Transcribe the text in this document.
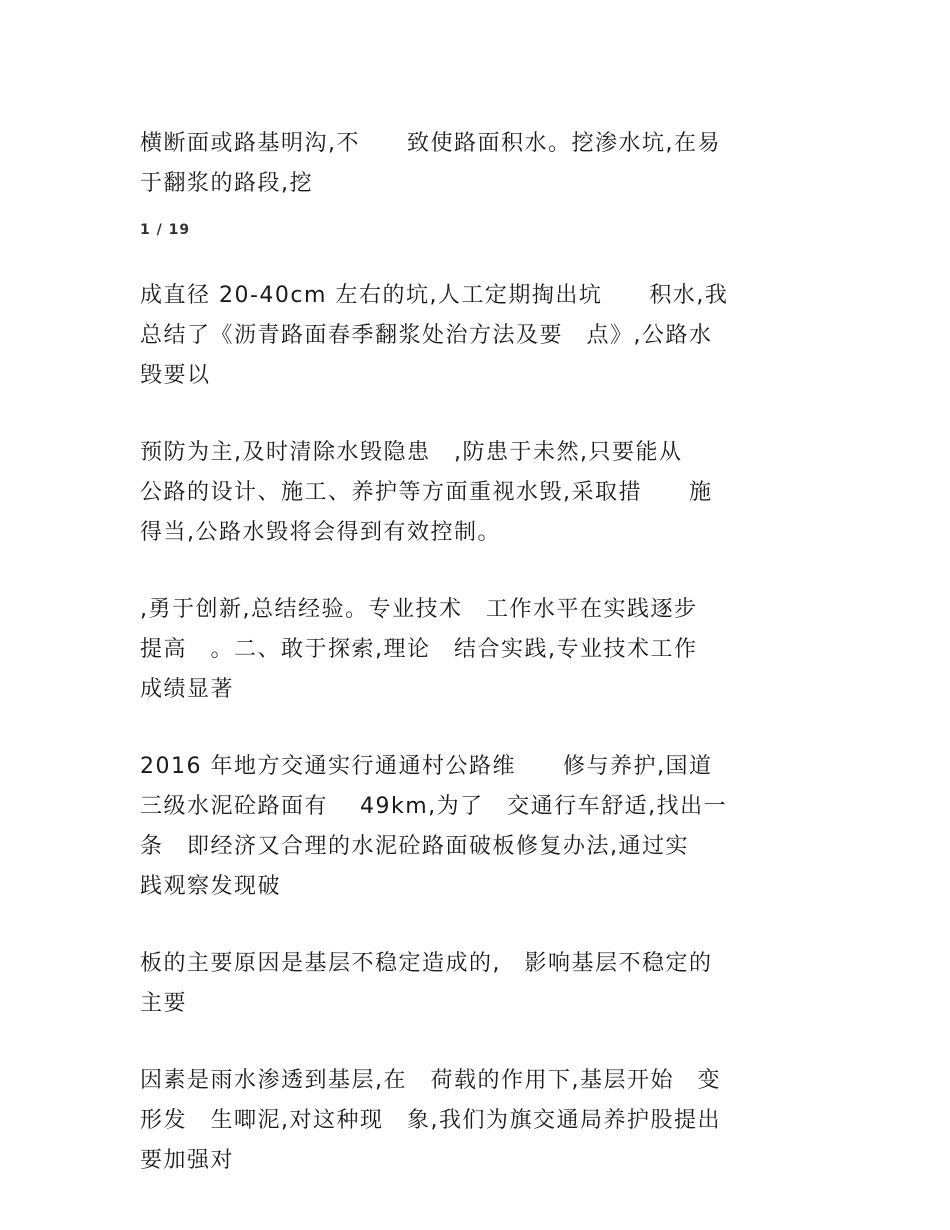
横断面或路基明沟,不　　致使路面积水。挖渗水坑,在易
于翻浆的路段,挖

1 / 19

成直径 20-40cm 左右的坑,人工定期掏出坑　　积水,我
总结了《沥青路面春季翻浆处治方法及要　点》,公路水
毁要以

预防为主,及时清除水毁隐患　,防患于未然,只要能从
公路的设计、施工、养护等方面重视水毁,采取措　　施
得当,公路水毁将会得到有效控制。

,勇于创新,总结经验。专业技术　工作水平在实践逐步
提高　。二、敢于探索,理论　结合实践,专业技术工作
成绩显著

2016 年地方交通实行通通村公路维　　修与养护,国道
三级水泥砼路面有　 49km,为了　交通行车舒适,找出一
条　即经济又合理的水泥砼路面破板修复办法,通过实
践观察发现破

板的主要原因是基层不稳定造成的,　影响基层不稳定的
主要

因素是雨水渗透到基层,在　荷载的作用下,基层开始　变
形发　生唧泥,对这种现　象,我们为旗交通局养护股提出
要加强对
